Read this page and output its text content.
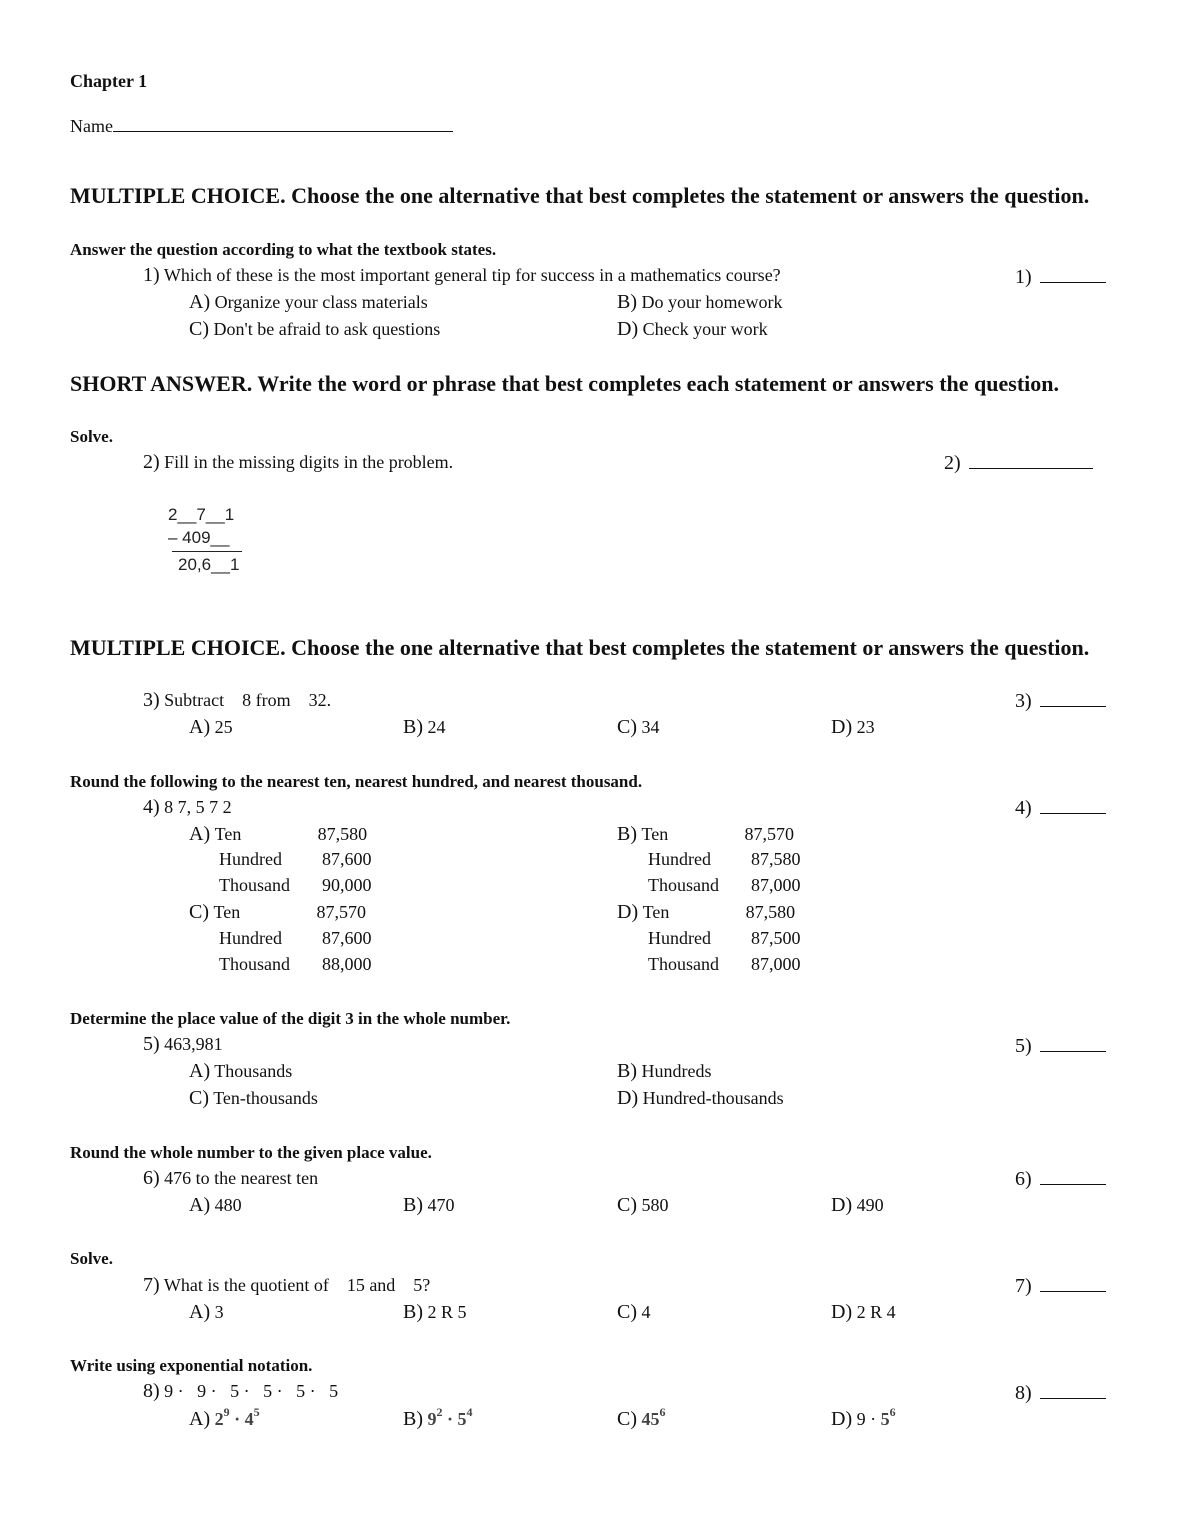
Chapter 1
Name
MULTIPLE CHOICE. Choose the one alternative that best completes the statement or answers the question.
Answer the question according to what the textbook states.
1) Which of these is the most important general tip for success in a mathematics course?	1)
A) Organize your class materials	B) Do your homework
C) Don't be afraid to ask questions	D) Check your work
SHORT ANSWER. Write the word or phrase that best completes each statement or answers the question.
Solve.
2) Fill in the missing digits in the problem.	2)
2__7__1
– 409__
20,6__1
MULTIPLE CHOICE. Choose the one alternative that best completes the statement or answers the question.
3) Subtract    8 from    32.	3)
A) 25	B) 24	C) 34	D) 23
Round the following to the nearest ten, nearest hundred, and nearest thousand.
4) 8 7, 5 7 2	4)
A) Ten	87,580
Hundred 87,600
Thousand 90,000
B) Ten	87,570
Hundred 87,580
Thousand 87,000
C) Ten	87,570
Hundred 87,600
Thousand 88,000
D) Ten	87,580
Hundred 87,500
Thousand 87,000
Determine the place value of the digit 3 in the whole number.
5) 463,981	5)
A) Thousands	B) Hundreds
C) Ten-thousands	D) Hundred-thousands
Round the whole number to the given place value.
6) 476 to the nearest ten	6)
A) 480	B) 470	C) 580	D) 490
Solve.
7) What is the quotient of    15 and    5?	7)
A) 3	B) 2 R 5	C) 4	D) 2 R 4
Write using exponential notation.
8) 9 ·   9 ·   5 ·   5 ·   5 ·   5	8)
A) $2^9 \cdot 4^5$	B) $9^2 \cdot 5^4$	C) $45^6$	D) $9 \cdot 5^6$
